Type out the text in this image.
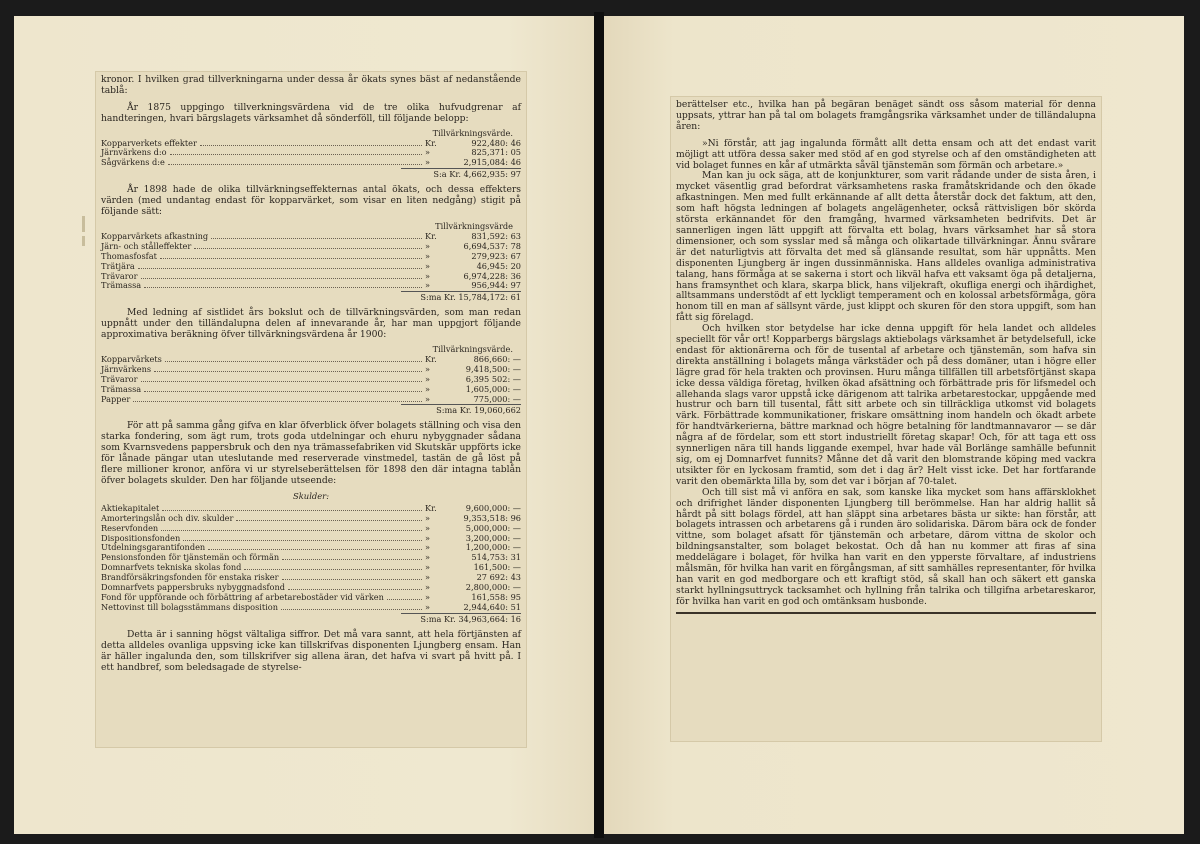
kronor. I hvilken grad tillverkningarna under dessa år ökats synes bäst af nedanstående tablå:

År 1875 uppgingo tillverkningsvärdena vid de tre olika hufvudgrenar af handteringen, hvari bärgslagets värksamhet då sönderföll, till följande belopp:

Tillvärkningsvärde.
Kopparverkets effekter	Kr.	922,480: 46
Järnvärkens d:o	»	825,371: 05
Sågvärkens d:e	»	2,915,084: 46
S:a Kr. 4,662,935: 97

År 1898 hade de olika tillvärkningseffekternas antal ökats, och dessa effekters värden (med undantag endast för kopparvärket, som visar en liten nedgång) stigit på följande sätt:

Tillvärkningsvärde
Kopparvärkets afkastning	Kr.	831,592: 63
Järn- och stålleffekter	»	6,694,537: 78
Thomasfosfat	»	279,923: 67
Trätjära	»	46,945: 20
Trävaror	»	6,974,228: 36
Trämassa	»	956,944: 97
S:ma Kr. 15,784,172: 61

Med ledning af sistlidet års bokslut och de tillvärkningsvärden, som man redan uppnått under den tilländalupna delen af innevarande år, har man uppgjort följande approximativa beräkning öfver tillvärkningsvärdena år 1900:

Tillvärkningsvärde.
Kopparvärkets	Kr.	866,660: —
Järnvärkens	»	9,418,500: —
Trävaror	»	6,395 502: —
Trämassa	»	1,605,000: —
Papper	»	775,000: —
S:ma Kr. 19,060,662

För att på samma gång gifva en klar öfverblick öfver bolagets ställning och visa den starka fondering, som ägt rum, trots goda utdelningar och ehuru nybyggnader sådana som Kvarnsvedens pappersbruk och den nya trämassefabriken vid Skutskär uppförts icke för lånade pängar utan uteslutande med reserverade vinstmedel, tastän de gå löst på flere millioner kronor, anföra vi ur styrelseberättelsen för 1898 den där intagna tablån öfver bolagets skulder. Den har följande utseende:

Skulder:
Aktiekapitalet	Kr.	9,600,000: —
Amorteringslån och div. skulder	»	9,353,518: 96
Reservfonden	»	5,000,000: —
Dispositionsfonden	»	3,200,000: —
Utdelningsgarantifonden	»	1,200,000: —
Pensionsfonden för tjänstemän och förmän	»	514,753: 31
Domnarfvets tekniska skolas fond	»	161,500: —
Brandförsäkringsfonden för enstaka risker	»	27 692: 43
Domnarfvets pappersbruks nybyggnadsfond	»	2,800,000: —
Fond för uppförande och förbättring af arbetarebostäder vid värken	»	161,558: 95
Nettovinst till bolagsstämmans disposition	»	2,944,640: 51
S:ma Kr. 34,963,664: 16

Detta är i sanning högst vältaliga siffror. Det må vara sannt, att hela förtjänsten af detta alldeles ovanliga uppsving icke kan tillskrifvas disponenten Ljungberg ensam. Han är häller ingalunda den, som tillskrifver sig allena äran, det hafva vi svart på hvitt på. I ett handbref, som beledsagade de styrelse-

berättelser etc., hvilka han på begäran benäget sändt oss såsom material för denna uppsats, yttrar han på tal om bolagets framgångsrika värksamhet under de tilländalupna åren:

»Ni förstår, att jag ingalunda förmått allt detta ensam och att det endast varit möjligt att utföra dessa saker med stöd af en god styrelse och af den omständigheten att vid bolaget funnes en kår af utmärkta såväl tjänstemän som förmän och arbetare.»

Man kan ju ock säga, att de konjunkturer, som varit rådande under de sista åren, i mycket väsentlig grad befordrat värksamhetens raska framåtskridande och den ökade afkastningen. Men med fullt erkännande af allt detta återstår dock det faktum, att den, som haft högsta ledningen af bolagets angelägenheter, också rättvisligen bör skörda största erkännandet för den framgång, hvarmed värksamheten bedrifvits. Det är sannerligen ingen lätt uppgift att förvalta ett bolag, hvars värksamhet har så stora dimensioner, och som sysslar med så många och olikartade tillvärkningar. Ännu svårare är det naturligtvis att förvalta det med så glänsande resultat, som här uppnåtts. Men disponenten Ljungberg är ingen dussinmänniska. Hans alldeles ovanliga administrativa talang, hans förmåga at se sakerna i stort och likväl hafva ett vaksamt öga på detaljerna, hans framsynthet och klara, skarpa blick, hans viljekraft, okufliga energi och ihärdighet, alltsammans understödt af ett lyckligt temperament och en kolossal arbetsförmåga, göra honom till en man af sällsynt värde, just klippt och skuren för den stora uppgift, som han fått sig förelagd.

Och hvilken stor betydelse har icke denna uppgift för hela landet och alldeles speciellt för vår ort! Kopparbergs bärgslags aktiebolags värksamhet är betydelsefull, icke endast för aktionärerna och för de tusental af arbetare och tjänstemän, som hafva sin direkta anställning i bolagets många värkstäder och på dess domäner, utan i högre eller lägre grad för hela trakten och provinsen. Huru många tillfällen till arbetsförtjänst skapa icke dessa väldiga företag, hvilken ökad afsättning och förbättrade pris för lifsmedel och allehanda slags varor uppstå icke därigenom att talrika arbetarestockar, uppgående med hustrur och barn till tusental, fått sitt arbete och sin tillräckliga utkomst vid bolagets värk. Förbättrade kommunikationer, friskare omsättning inom handeln och ökadt arbete för handtvärkerierna, bättre marknad och högre betalning för landtmannavaror — se där några af de fördelar, som ett stort industriellt företag skapar! Och, för att taga ett oss synnerligen nära till hands liggande exempel, hvar hade väl Borlänge samhälle befunnit sig, om ej Domnarfvet funnits? Månne det då varit den blomstrande köping med vackra utsikter för en lyckosam framtid, som det i dag är? Helt visst icke. Det har fortfarande varit den obemärkta lilla by, som det var i början af 70-talet.

Och till sist må vi anföra en sak, som kanske lika mycket som hans affärsklokhet och drifrighet länder disponenten Ljungberg till berömmelse. Han har aldrig hallit så hårdt på sitt bolags fördel, att han släppt sina arbetares bästa ur sikte: han förstår, att bolagets intrassen och arbetarens gå i runden äro solidariska. Därom bära ock de fonder vittne, som bolaget afsatt för tjänstemän och arbetare, därom vittna de skolor och bildningsanstalter, som bolaget bekostat. Och då han nu kommer att firas af sina meddelägare i bolaget, för hvilka han varit en den ypperste förvaltare, af industriens målsmän, för hvilka han varit en förgångsman, af sitt samhälles representanter, för hvilka han varit en god medborgare och ett kraftigt stöd, så skall han och säkert ett ganska starkt hyllningsuttryck tacksamhet och hyllning från talrika och tillgifna arbetareskaror, för hvilka han varit en god och omtänksam husbonde.
